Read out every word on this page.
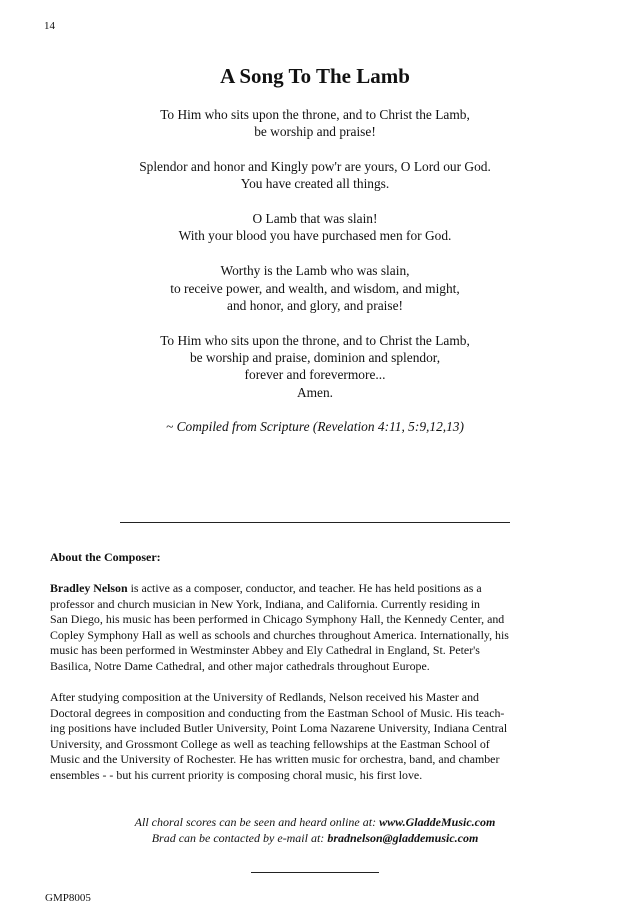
14
A Song To The Lamb

To Him who sits upon the throne, and to Christ the Lamb,
be worship and praise!

Splendor and honor and Kingly pow'r are yours, O Lord our God.
You have created all things.

O Lamb that was slain!
With your blood you have purchased men for God.

Worthy is the Lamb who was slain,
to receive power, and wealth, and wisdom, and might,
and honor, and glory, and praise!

To Him who sits upon the throne, and to Christ the Lamb,
be worship and praise, dominion and splendor,
forever and forevermore...
Amen.

~ Compiled from Scripture (Revelation 4:11, 5:9,12,13)
About the Composer:

Bradley Nelson is active as a composer, conductor, and teacher. He has held positions as a
professor and church musician in New York, Indiana, and California. Currently residing in
San Diego, his music has been performed in Chicago Symphony Hall, the Kennedy Center, and
Copley Symphony Hall as well as schools and churches throughout America. Internationally, his
music has been performed in Westminster Abbey and Ely Cathedral in England, St. Peter's
Basilica, Notre Dame Cathedral, and other major cathedrals throughout Europe.

After studying composition at the University of Redlands, Nelson received his Master and
Doctoral degrees in composition and conducting from the Eastman School of Music. His teach-
ing positions have included Butler University, Point Loma Nazarene University, Indiana Central
University, and Grossmont College as well as teaching fellowships at the Eastman School of
Music and the University of Rochester. He has written music for orchestra, band, and chamber
ensembles - - but his current priority is composing choral music, his first love.

All choral scores can be seen and heard online at: www.GladdeMusic.com
Brad can be contacted by e-mail at: bradnelson@gladdemusic.com
GMP8005
